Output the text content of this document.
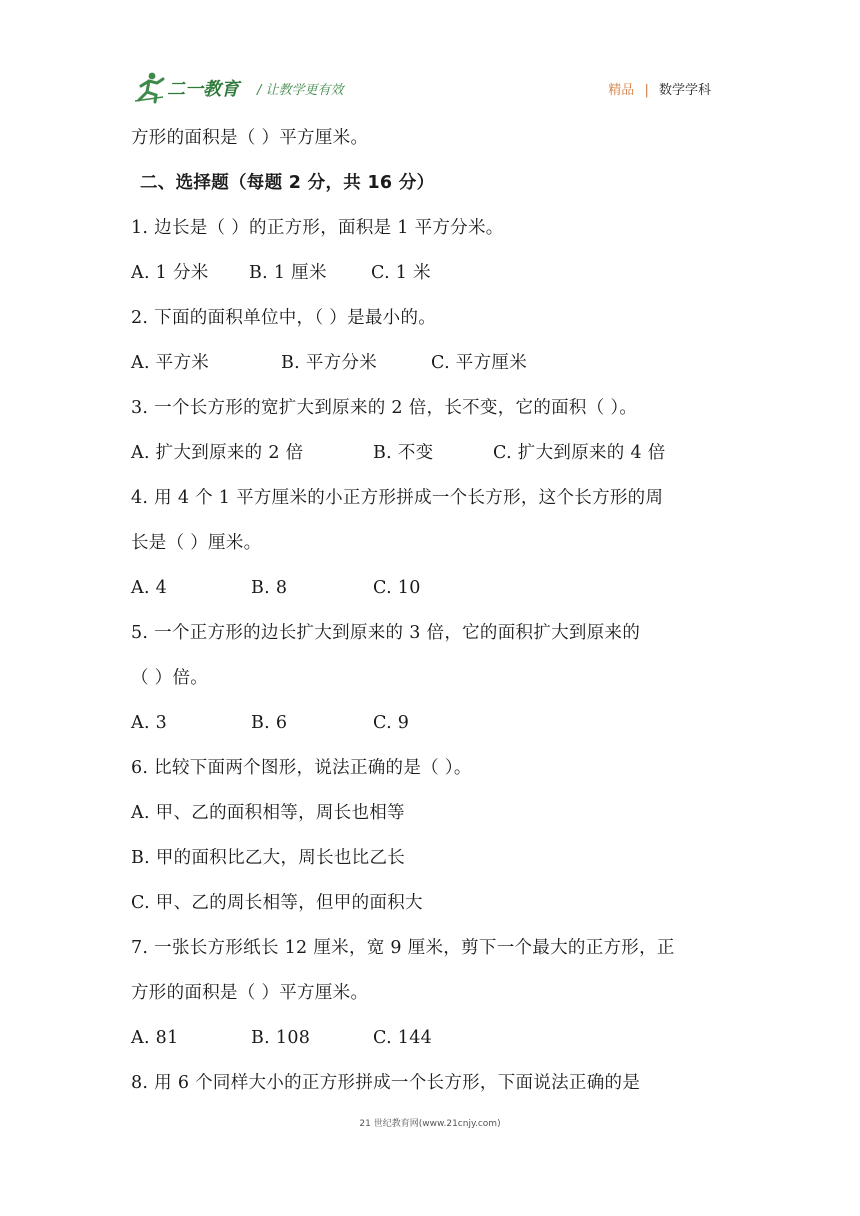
二一教育 / 让教学更有效	精品 | 数学学科
方形的面积是（ ）平方厘米。
二、选择题（每题 2 分，共 16 分）
1. 边长是（ ）的正方形，面积是 1 平方分米。
A. 1 分米 B. 1 厘米	C. 1 米
2. 下面的面积单位中，（ ）是最小的。
A. 平方米	B. 平方分米	C. 平方厘米
3. 一个长方形的宽扩大到原来的 2 倍，长不变，它的面积（ ）。
A. 扩大到原来的 2 倍	B. 不变	C. 扩大到原来的 4 倍
4. 用 4 个 1 平方厘米的小正方形拼成一个长方形，这个长方形的周
长是（ ）厘米。
A. 4	B. 8	C. 10
5. 一个正方形的边长扩大到原来的 3 倍，它的面积扩大到原来的
（ ）倍。
A. 3	B. 6	C. 9
6. 比较下面两个图形，说法正确的是（ ）。
A. 甲、乙的面积相等，周长也相等
B. 甲的面积比乙大，周长也比乙长
C. 甲、乙的周长相等，但甲的面积大
7. 一张长方形纸长 12 厘米，宽 9 厘米，剪下一个最大的正方形，正
方形的面积是（ ）平方厘米。
A. 81	B. 108	C. 144
8. 用 6 个同样大小的正方形拼成一个长方形，下面说法正确的是
21 世纪教育网(www.21cnjy.com)
